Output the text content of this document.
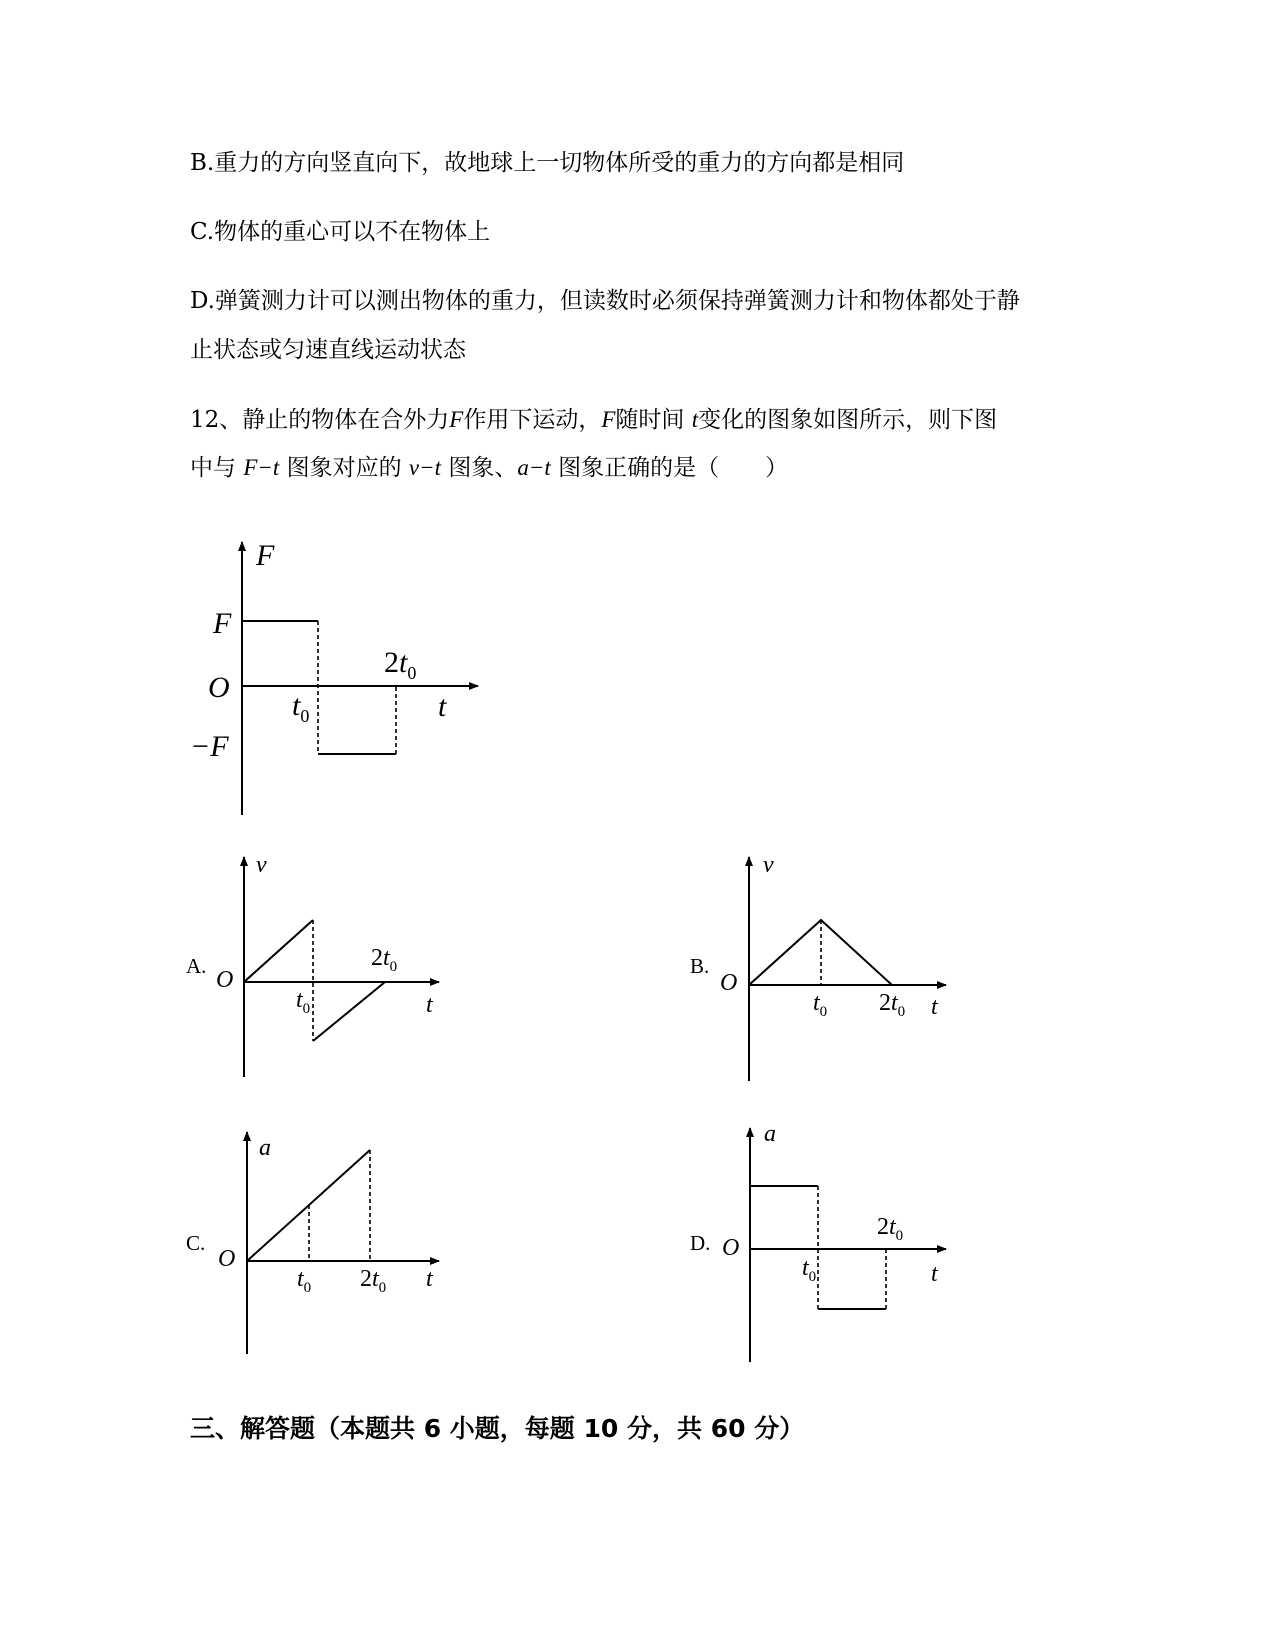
B.重力的方向竖直向下，故地球上一切物体所受的重力的方向都是相同

C.物体的重心可以不在物体上

D.弹簧测力计可以测出物体的重力，但读数时必须保持弹簧测力计和物体都处于静

止状态或匀速直线运动状态

12、静止的物体在合外力F作用下运动，F随时间 t变化的图象如图所示，则下图

中与 F−t 图象对应的 v−t 图象、a−t 图象正确的是（　　）

F
F
O
−F
$t_0$
$2t_0$
t
A.
v
O
$t_0$
$2t_0$
t
B.
v
O
$t_0$ $2t_0$ t
C.
a
O
$t_0$ $2t_0$ t
D.
a
O
$t_0$
$2t_0$
t

三、解答题（本题共 6 小题，每题 10 分，共 60 分）
